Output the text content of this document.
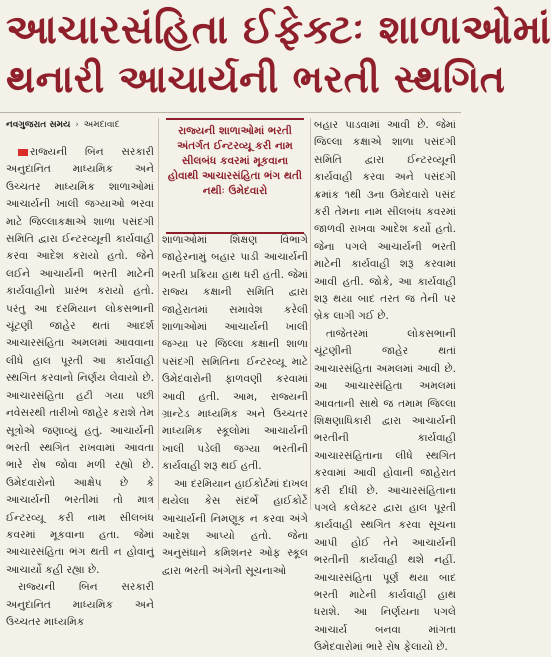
આચારસંહિતા ઈફેક્ટઃ શાળાઓમાં
થનારી આચાર્યની ભરતી સ્થગિત
નવગુજરાત સમય › અમદાવાદ

રાજ્યની બિન સરકારી અનુદાનિત માધ્યમિક અને ઉચ્ચતર માધ્યમિક શાળાઓમાં આચાર્યની ખાલી જગ્યાઓ ભરવા માટે જિલ્લાકક્ષાએ શાળા પસંદગી સમિતિ દ્વારા ઈન્ટરવ્યૂની કાર્યવાહી કરવા આદેશ કરાયો હતો. જેને લઈને આચાર્યની ભરતી માટેની કાર્યવાહીનો પ્રારંભ કરાયો હતો. પરંતુ આ દરમિયાન લોકસભાની ચૂંટણી જાહેર થતાં આદર્શ આચારસંહિતા અમલમાં આવવાના લીધે હાલ પૂરતી આ કાર્યવાહી સ્થગિત કરવાનો નિર્ણય લેવાયો છે. આચારસંહિતા હટી ગયા પછી નવેસરથી તારીખો જાહેર કરાશે તેમ સૂત્રોએ જણાવ્યું હતું. આચાર્યની ભરતી સ્થગિત રાખવામાં આવતા ભારે રોષ જોવા મળી રહ્યો છે. ઉમેદવારોનો આક્ષેપ છે કે આચાર્યની ભરતીમાં તો માત્ર ઈન્ટરવ્યૂ કરી નામ સીલબંધ કવરમાં મૂકવાના હતા. જેમાં આચારસંહિતા ભંગ થતી ન હોવાનું આચાર્યો કહી રહ્યા છે.

રાજ્યની બિન સરકારી અનુદાનિત માધ્યમિક અને ઉચ્ચતર માધ્યમિક

રાજ્યની શાળાઓમાં ભરતી અંતર્ગત ઈન્ટરવ્યૂ કરી નામ સીલબંધ કવરમાં મૂકવાના હોવાથી આચારસંહિતા ભંગ થતી નથીઃ ઉમેદવારો

શાળાઓમાં શિક્ષણ વિભાગે જાહેરનામું બહાર પાડી આચાર્યની ભરતી પ્રક્રિયા હાથ ધરી હતી. જેમાં રાજ્ય કક્ષાની સમિતિ દ્વારા જાહેરાતમાં સમાવેશ કરેલી શાળાઓમાં આચાર્યની ખાલી જગ્યા પર જિલ્લા કક્ષાની શાળા પસંદગી સમિતિના ઈન્ટરવ્યૂ માટે ઉમેદવારોની ફાળવણી કરવામાં આવી હતી. આમ, રાજ્યની ગ્રાન્ટેડ માધ્યમિક અને ઉચ્ચતર માધ્યમિક સ્કૂલોમાં આચાર્યની ખાલી પડેલી જગ્યા ભરતીની કાર્યવાહી શરૂ થઈ હતી.

આ દરમિયાન હાઈકોર્ટમાં દાખલ થયેલા કેસ સંદર્ભે હાઈકોર્ટે આચાર્યની નિમણૂક ન કરવા અંગે આદેશ આપ્યો હતો. જેના અનુસંધાને કમિશનર ઓફ સ્કૂલ દ્વારા ભરતી અંગેની સૂચનાઓ

બહાર પાડવામાં આવી છે. જેમાં જિલ્લા કક્ષાએ શાળા પસંદગી સમિતિ દ્વારા ઈન્ટરવ્યૂની કાર્યવાહી કરવા અને પસંદગી ક્રમાંક ૧થી ૩ના ઉમેદવારો પસંદ કરી તેમના નામ સીલબંધ કવરમાં જાળવી રાખવા આદેશ કર્યો હતો. જેના પગલે આચાર્યની ભરતી માટેની કાર્યવાહી શરૂ કરવામાં આવી હતી. જોકે, આ કાર્યવાહી શરૂ થયા બાદ તરત જ તેની પર બ્રેક લાગી ગઈ છે.

તાજેતરમાં લોકસભાની ચૂંટણીની જાહેર થતાં આચારસંહિતા અમલમાં આવી છે. આ આચારસંહિતા અમલમાં આવતાની સાથે જ તમામ જિલ્લા શિક્ષણાધિકારી દ્વારા આચાર્યની ભરતીની કાર્યવાહી આચારસંહિતાના લીધે સ્થગિત કરવામાં આવી હોવાની જાહેરાત કરી દીધી છે. આચારસંહિતાના પગલે કલેક્ટર દ્વારા હાલ પૂરતી કાર્યવાહી સ્થગિત કરવા સૂચના આપી હોઈ તેને આચાર્યની ભરતીની કાર્યવાહી થશે નહીં. આચારસંહિતા પૂર્ણ થયા બાદ ભરતી માટેની કાર્યવાહી હાથ ધરાશે. આ નિર્ણયના પગલે આચાર્ય બનવા માંગતા ઉમેદવારોમાં ભારે રોષ ફેલાયો છે.
